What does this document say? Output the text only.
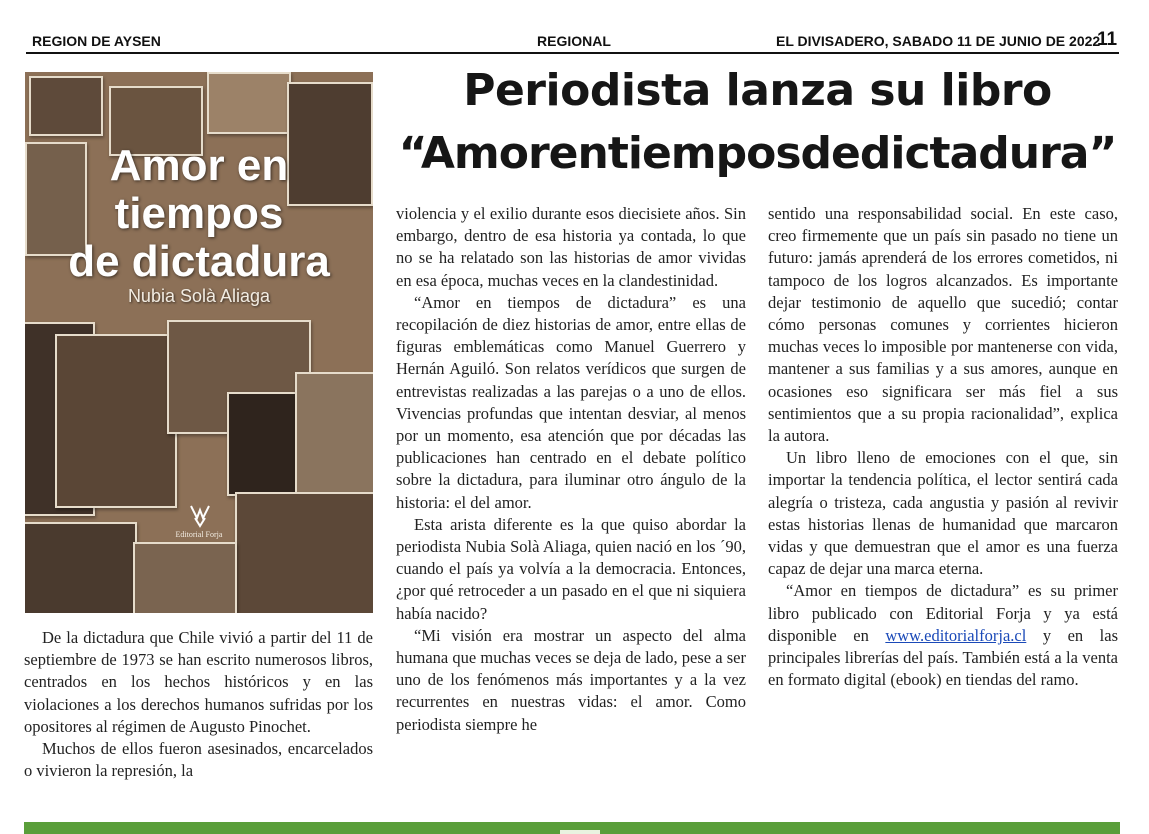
REGION DE AYSEN	REGIONAL	EL DIVISADERO, SABADO 11 DE JUNIO DE 2022
11
Periodista lanza su libro
“Amorentiemposdedictadura”
Amor en
tiempos
de dictadura
Nubia Solà Aliaga
Editorial Forja

De la dictadura que Chile vivió a partir del 11 de septiembre de 1973 se han escrito numerosos libros, centrados en los hechos históricos y en las violaciones a los derechos humanos sufridas por los opositores al régimen de Augusto Pinochet.

Muchos de ellos fueron asesinados, encarcelados o vivieron la represión, la

violencia y el exilio durante esos diecisiete años. Sin embargo, dentro de esa historia ya contada, lo que no se ha relatado son las historias de amor vividas en esa época, muchas veces en la clandestinidad.

“Amor en tiempos de dictadura” es una recopilación de diez historias de amor, entre ellas de figuras emblemáticas como Manuel Guerrero y Hernán Aguiló. Son relatos verídicos que surgen de entrevistas realizadas a las parejas o a uno de ellos. Vivencias profundas que intentan desviar, al menos por un momento, esa atención que por décadas las publicaciones han centrado en el debate político sobre la dictadura, para iluminar otro ángulo de la historia: el del amor.

Esta arista diferente es la que quiso abordar la periodista Nubia Solà Aliaga, quien nació en los ´90, cuando el país ya volvía a la democracia. Entonces, ¿por qué retroceder a un pasado en el que ni siquiera había nacido?

“Mi visión era mostrar un aspecto del alma humana que muchas veces se deja de lado, pese a ser uno de los fenómenos más importantes y a la vez recurrentes en nuestras vidas: el amor. Como periodista siempre he

sentido una responsabilidad social. En este caso, creo firmemente que un país sin pasado no tiene un futuro: jamás aprenderá de los errores cometidos, ni tampoco de los logros alcanzados. Es importante dejar testimonio de aquello que sucedió; contar cómo personas comunes y corrientes hicieron muchas veces lo imposible por mantenerse con vida, mantener a sus familias y a sus amores, aunque en ocasiones eso significara ser más fiel a sus sentimientos que a su propia racionalidad”, explica la autora.

Un libro lleno de emociones con el que, sin importar la tendencia política, el lector sentirá cada alegría o tristeza, cada angustia y pasión al revivir estas historias llenas de humanidad que marcaron vidas y que demuestran que el amor es una fuerza capaz de dejar una marca eterna.

“Amor en tiempos de dictadura” es su primer libro publicado con Editorial Forja y ya está disponible en www.editorialforja.cl y en las principales librerías del país. También está a la venta en formato digital (ebook) en tiendas del ramo.
